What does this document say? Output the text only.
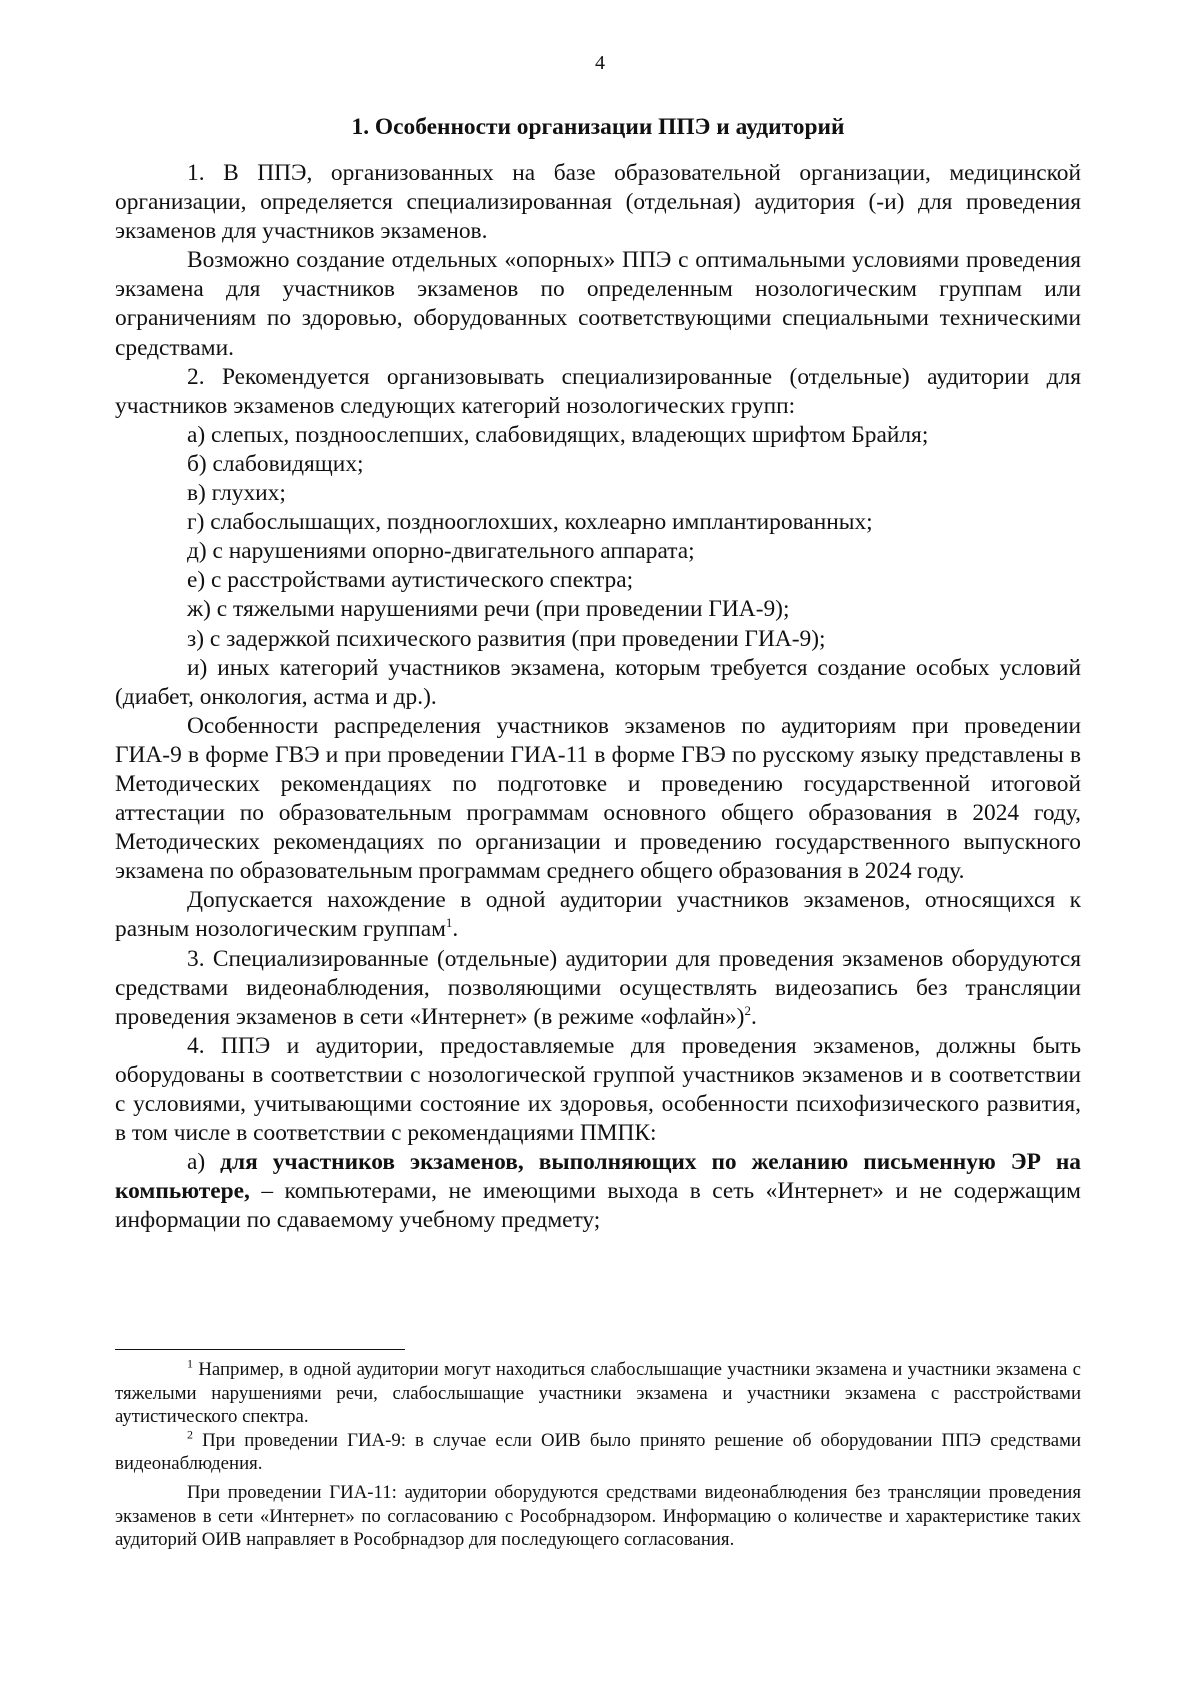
4
1. Особенности организации ППЭ и аудиторий

1. В ППЭ, организованных на базе образовательной организации, медицинской организации, определяется специализированная (отдельная) аудитория (-и) для проведения экзаменов для участников экзаменов.

Возможно создание отдельных «опорных» ППЭ с оптимальными условиями проведения экзамена для участников экзаменов по определенным нозологическим группам или ограничениям по здоровью, оборудованных соответствующими специальными техническими средствами.

2. Рекомендуется организовывать специализированные (отдельные) аудитории для участников экзаменов следующих категорий нозологических групп:

а) слепых, поздноослепших, слабовидящих, владеющих шрифтом Брайля;

б) слабовидящих;

в) глухих;

г) слабослышащих, позднооглохших, кохлеарно имплантированных;

д) с нарушениями опорно-двигательного аппарата;

е) с расстройствами аутистического спектра;

ж) с тяжелыми нарушениями речи (при проведении ГИА-9);

з) с задержкой психического развития (при проведении ГИА-9);

и) иных категорий участников экзамена, которым требуется создание особых условий (диабет, онкология, астма и др.).

Особенности распределения участников экзаменов по аудиториям при проведении ГИА-9 в форме ГВЭ и при проведении ГИА-11 в форме ГВЭ по русскому языку представлены в Методических рекомендациях по подготовке и проведению государственной итоговой аттестации по образовательным программам основного общего образования в 2024 году, Методических рекомендациях по организации и проведению государственного выпускного экзамена по образовательным программам среднего общего образования в 2024 году.

Допускается нахождение в одной аудитории участников экзаменов, относящихся к разным нозологическим группам$^1$.

3. Специализированные (отдельные) аудитории для проведения экзаменов оборудуются средствами видеонаблюдения, позволяющими осуществлять видеозапись без трансляции проведения экзаменов в сети «Интернет» (в режиме «офлайн»)$^2$.

4. ППЭ и аудитории, предоставляемые для проведения экзаменов, должны быть оборудованы в соответствии с нозологической группой участников экзаменов и в соответствии с условиями, учитывающими состояние их здоровья, особенности психофизического развития, в том числе в соответствии с рекомендациями ПМПК:

а) для участников экзаменов, выполняющих по желанию письменную ЭР на компьютере, – компьютерами, не имеющими выхода в сеть «Интернет» и не содержащим информации по сдаваемому учебному предмету;

$^1$ Например, в одной аудитории могут находиться слабослышащие участники экзамена и участники экзамена с тяжелыми нарушениями речи, слабослышащие участники экзамена и участники экзамена с расстройствами аутистического спектра.

$^2$ При проведении ГИА-9: в случае если ОИВ было принято решение об оборудовании ППЭ средствами видеонаблюдения.

При проведении ГИА-11: аудитории оборудуются средствами видеонаблюдения без трансляции проведения экзаменов в сети «Интернет» по согласованию с Рособрнадзором. Информацию о количестве и характеристике таких аудиторий ОИВ направляет в Рособрнадзор для последующего согласования.
